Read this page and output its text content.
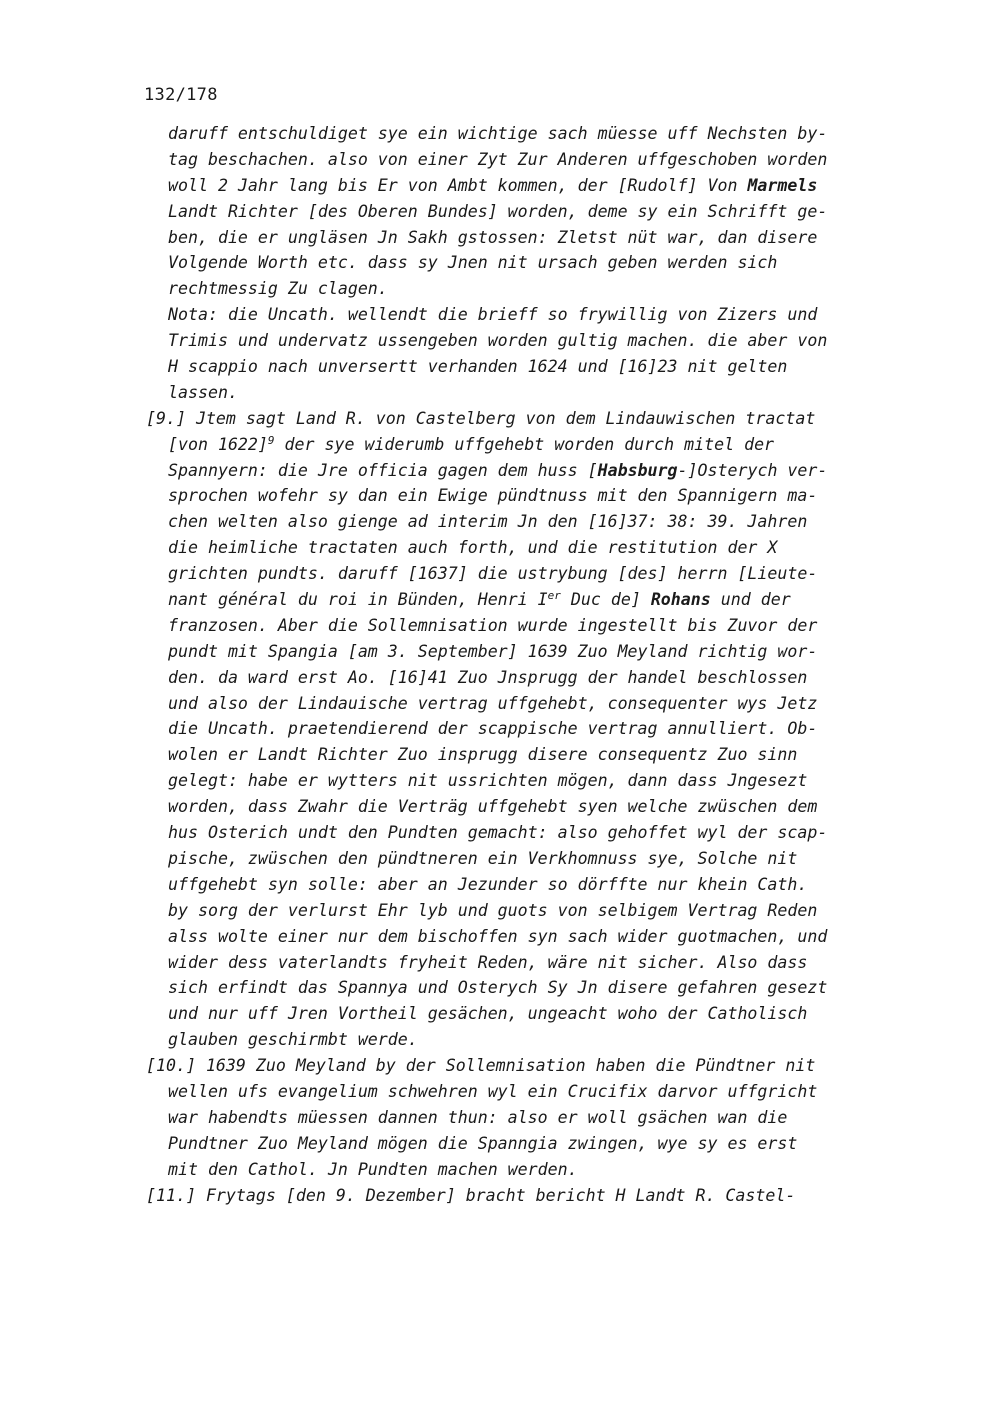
132/178
daruff entschuldiget sye ein wichtige sach müesse uff Nechsten by-
tag beschachen. also von einer Zyt Zur Anderen uffgeschoben worden
woll 2 Jahr lang bis Er von Ambt kommen, der [Rudolf] Von Marmels
Landt Richter [des Oberen Bundes] worden, deme sy ein Schrifft ge-
ben, die er ungläsen Jn Sakh gstossen: Zletst nüt war, dan disere
Volgende Worth etc. dass sy Jnen nit ursach geben werden sich
rechtmessig Zu clagen.
Nota: die Uncath. wellendt die brieff so frywillig von Zizers und
Trimis und undervatz ussengeben worden gultig machen. die aber von
H scappio nach unversertt verhanden 1624 und [16]23 nit gelten
lassen.
[9.] Jtem sagt Land R. von Castelberg von dem Lindauwischen tractat
[von 1622]$^9$ der sye widerumb uffgehebt worden durch mitel der
Spannyern: die Jre officia gagen dem huss [Habsburg-]Osterych ver-
sprochen wofehr sy dan ein Ewige pündtnuss mit den Spannigern ma-
chen welten also gienge ad interim Jn den [16]37: 38: 39. Jahren
die heimliche tractaten auch forth, und die restitution der X
grichten pundts. daruff [1637] die ustrybung [des] herrn [Lieute-
nant général du roi in Bünden, Henri Ier Duc de] Rohans und der
franzosen. Aber die Sollemnisation wurde ingestellt bis Zuvor der
pundt mit Spangia [am 3. September] 1639 Zuo Meyland richtig wor-
den. da ward erst Ao. [16]41 Zuo Jnsprugg der handel beschlossen
und also der Lindauische vertrag uffgehebt, consequenter wys Jetz
die Uncath. praetendierend der scappische vertrag annulliert. Ob-
wolen er Landt Richter Zuo insprugg disere consequentz Zuo sinn
gelegt: habe er wytters nit ussrichten mögen, dann dass Jngesezt
worden, dass Zwahr die Verträg uffgehebt syen welche zwüschen dem
hus Osterich undt den Pundten gemacht: also gehoffet wyl der scap-
pische, zwüschen den pündtneren ein Verkhomnuss sye, Solche nit
uffgehebt syn solle: aber an Jezunder so dörffte nur khein Cath.
by sorg der verlurst Ehr lyb und guots von selbigem Vertrag Reden
alss wolte einer nur dem bischoffen syn sach wider guotmachen, und
wider dess vaterlandts fryheit Reden, wäre nit sicher. Also dass
sich erfindt das Spannya und Osterych Sy Jn disere gefahren gesezt
und nur uff Jren Vortheil gesächen, ungeacht woho der Catholisch
glauben geschirmbt werde.
[10.] 1639 Zuo Meyland by der Sollemnisation haben die Pündtner nit
wellen ufs evangelium schwehren wyl ein Crucifix darvor uffgricht
war habendts müessen dannen thun: also er woll gsächen wan die
Pundtner Zuo Meyland mögen die Spanngia zwingen, wye sy es erst
mit den Cathol. Jn Pundten machen werden.
[11.] Frytags [den 9. Dezember] bracht bericht H Landt R. Castel-
